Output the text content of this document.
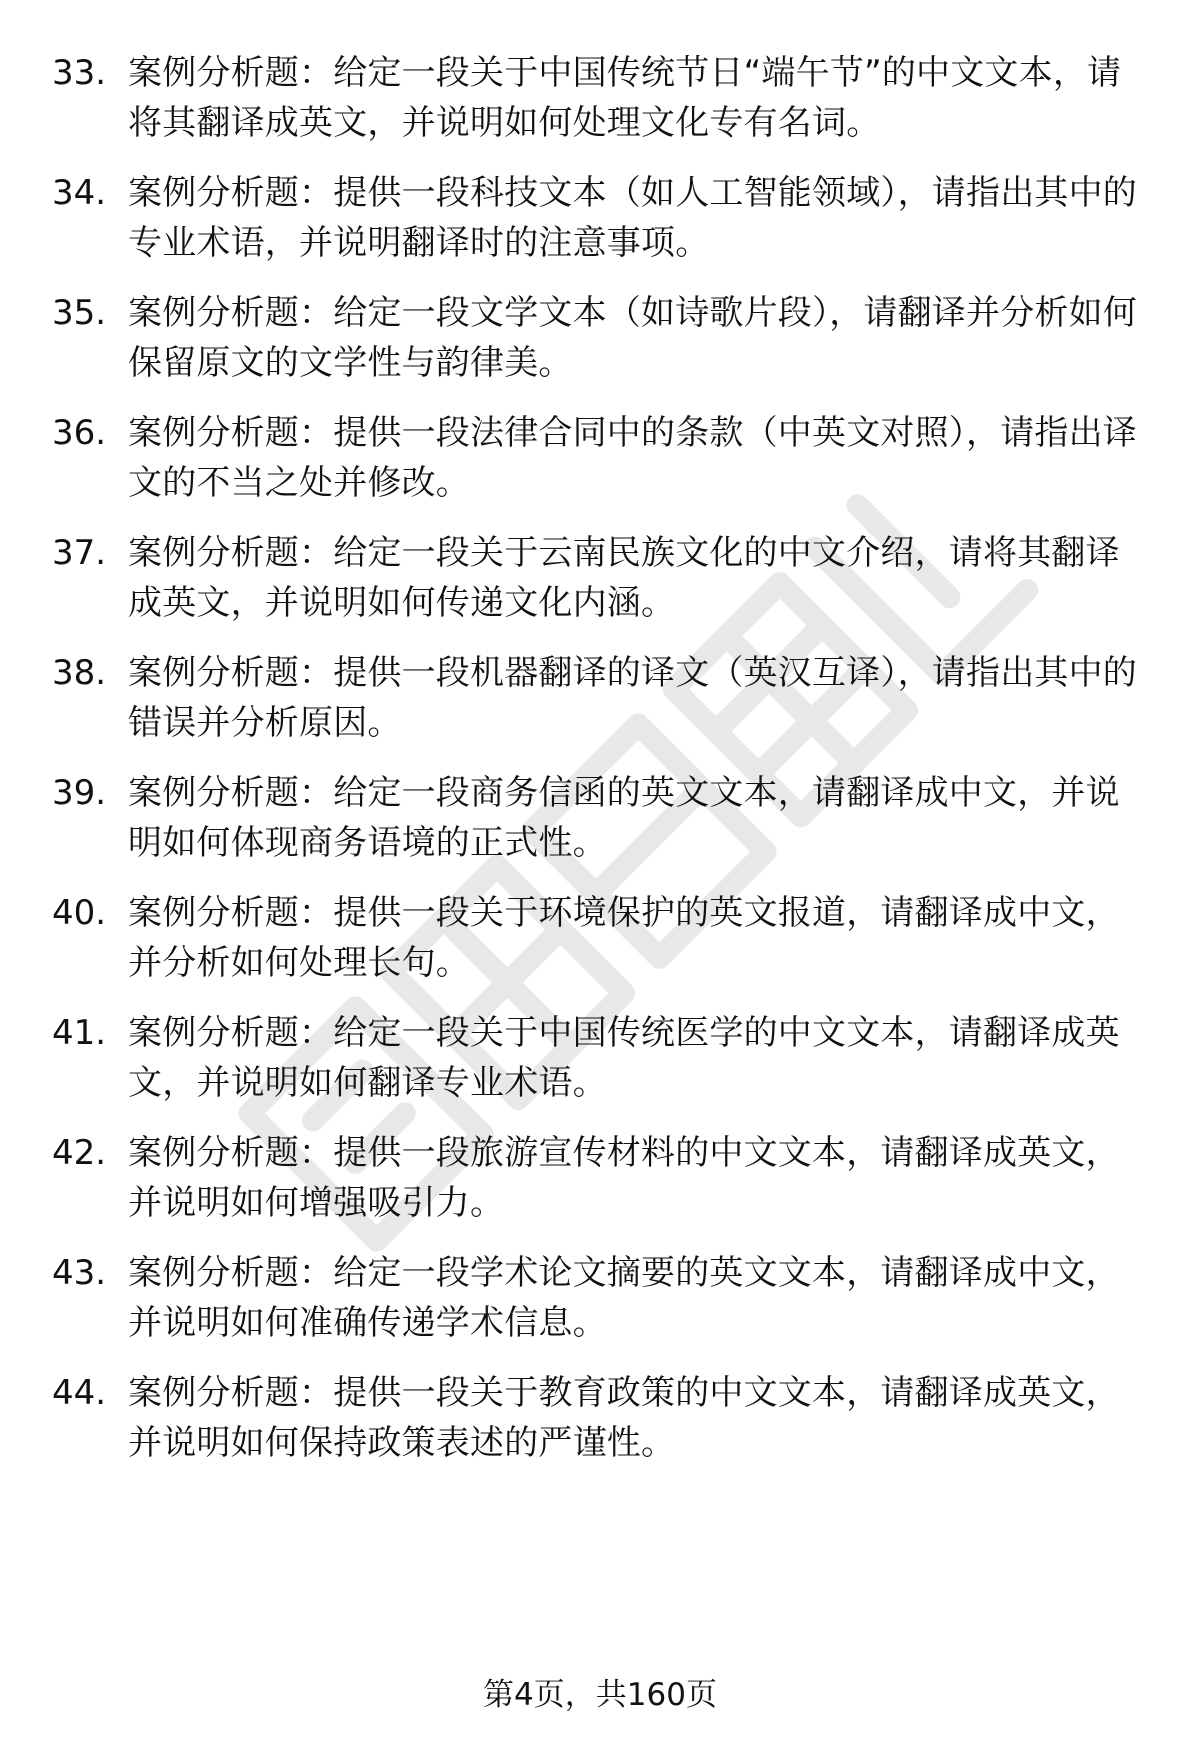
33. 案例分析题：给定一段关于中国传统节日“端午节”的中文文本，请将其翻译成英文，并说明如何处理文化专有名词。
34. 案例分析题：提供一段科技文本（如人工智能领域），请指出其中的专业术语，并说明翻译时的注意事项。
35. 案例分析题：给定一段文学文本（如诗歌片段），请翻译并分析如何保留原文的文学性与韵律美。
36. 案例分析题：提供一段法律合同中的条款（中英文对照），请指出译文的不当之处并修改。
37. 案例分析题：给定一段关于云南民族文化的中文介绍，请将其翻译成英文，并说明如何传递文化内涵。
38. 案例分析题：提供一段机器翻译的译文（英汉互译），请指出其中的错误并分析原因。
39. 案例分析题：给定一段商务信函的英文文本，请翻译成中文，并说明如何体现商务语境的正式性。
40. 案例分析题：提供一段关于环境保护的英文报道，请翻译成中文，并分析如何处理长句。
41. 案例分析题：给定一段关于中国传统医学的中文文本，请翻译成英文，并说明如何翻译专业术语。
42. 案例分析题：提供一段旅游宣传材料的中文文本，请翻译成英文，并说明如何增强吸引力。
43. 案例分析题：给定一段学术论文摘要的英文文本，请翻译成中文，并说明如何准确传递学术信息。
44. 案例分析题：提供一段关于教育政策的中文文本，请翻译成英文，并说明如何保持政策表述的严谨性。
第4页，共160页
